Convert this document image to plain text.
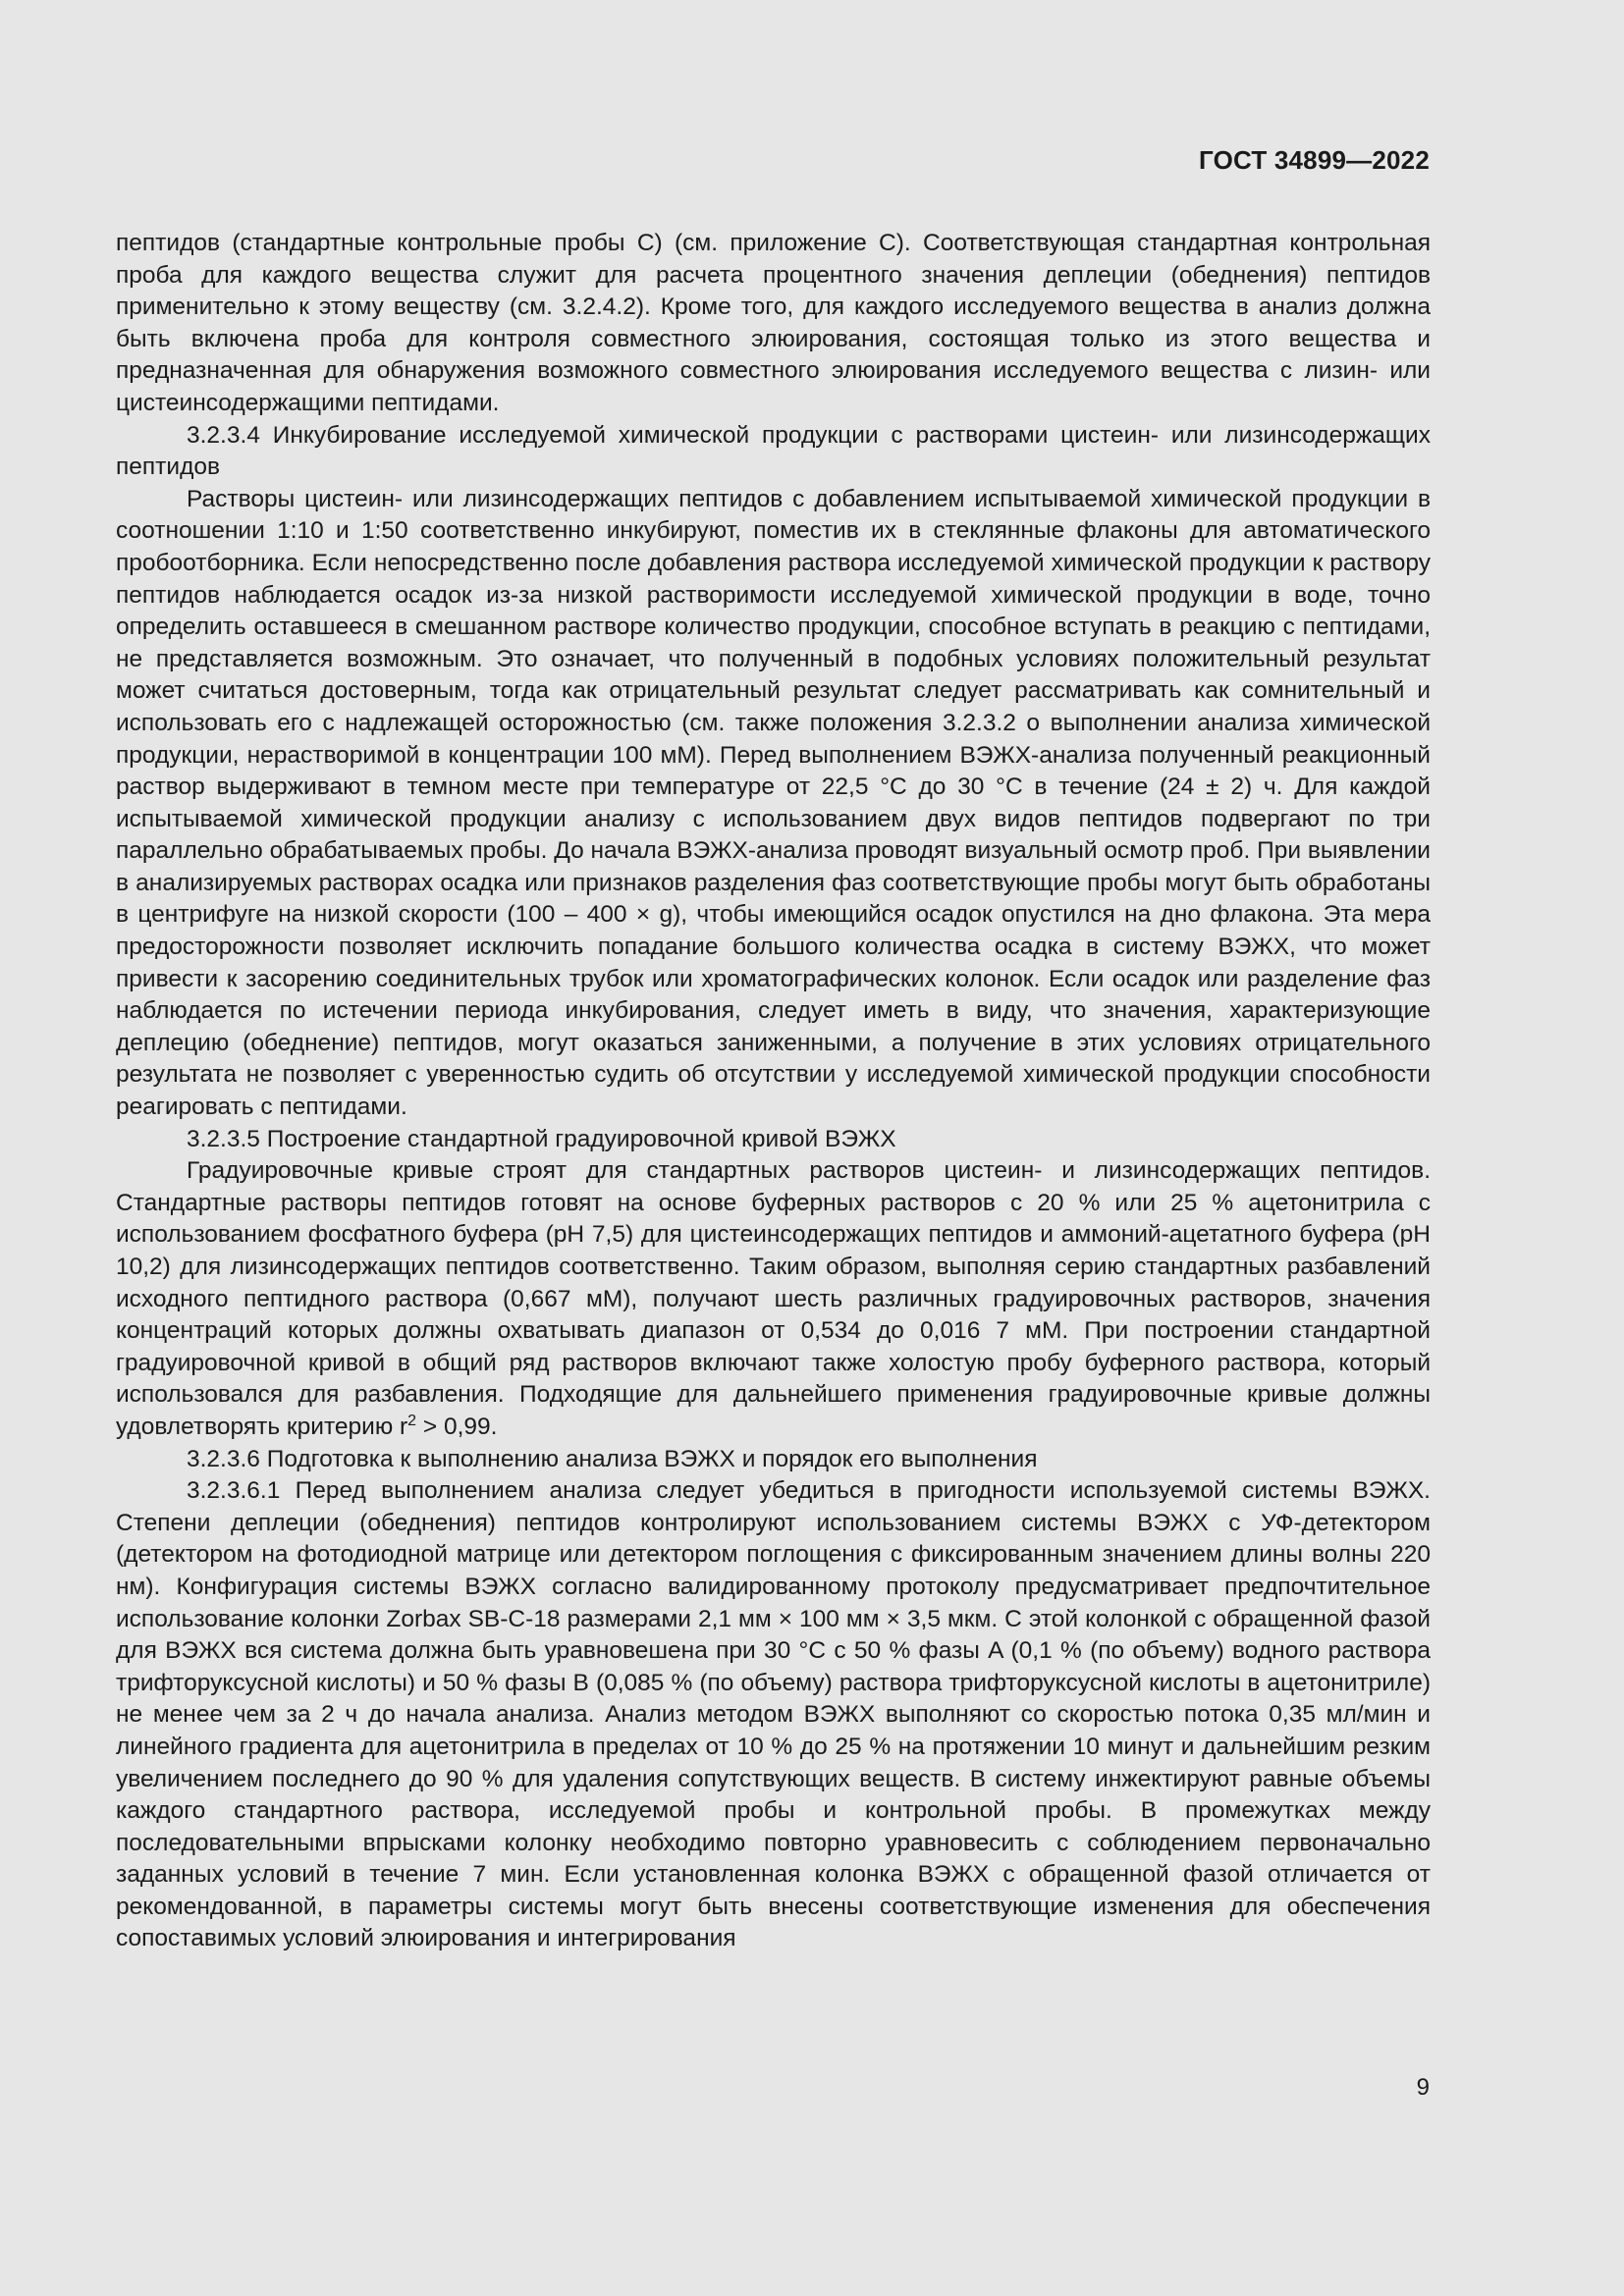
ГОСТ 34899—2022

пептидов (стандартные контрольные пробы C) (см. приложение C). Соответствующая стандартная контрольная проба для каждого вещества служит для расчета процентного значения деплеции (обеднения) пептидов применительно к этому веществу (см. 3.2.4.2). Кроме того, для каждого исследуемого вещества в анализ должна быть включена проба для контроля совместного элюирования, состоящая только из этого вещества и предназначенная для обнаружения возможного совместного элюирования исследуемого вещества с лизин- или цистеинсодержащими пептидами.

3.2.3.4 Инкубирование исследуемой химической продукции с растворами цистеин- или лизинсодержащих пептидов

Растворы цистеин- или лизинсодержащих пептидов с добавлением испытываемой химической продукции в соотношении 1:10 и 1:50 соответственно инкубируют, поместив их в стеклянные флаконы для автоматического пробоотборника. Если непосредственно после добавления раствора исследуемой химической продукции к раствору пептидов наблюдается осадок из-за низкой растворимости исследуемой химической продукции в воде, точно определить оставшееся в смешанном растворе количество продукции, способное вступать в реакцию с пептидами, не представляется возможным. Это означает, что полученный в подобных условиях положительный результат может считаться достоверным, тогда как отрицательный результат следует рассматривать как сомнительный и использовать его с надлежащей осторожностью (см. также положения 3.2.3.2 о выполнении анализа химической продукции, нерастворимой в концентрации 100 мМ). Перед выполнением ВЭЖХ-анализа полученный реакционный раствор выдерживают в темном месте при температуре от 22,5 °C до 30 °C в течение (24 ± 2) ч. Для каждой испытываемой химической продукции анализу с использованием двух видов пептидов подвергают по три параллельно обрабатываемых пробы. До начала ВЭЖХ-анализа проводят визуальный осмотр проб. При выявлении в анализируемых растворах осадка или признаков разделения фаз соответствующие пробы могут быть обработаны в центрифуге на низкой скорости (100 – 400 × g), чтобы имеющийся осадок опустился на дно флакона. Эта мера предосторожности позволяет исключить попадание большого количества осадка в систему ВЭЖХ, что может привести к засорению соединительных трубок или хроматографических колонок. Если осадок или разделение фаз наблюдается по истечении периода инкубирования, следует иметь в виду, что значения, характеризующие деплецию (обеднение) пептидов, могут оказаться заниженными, а получение в этих условиях отрицательного результата не позволяет с уверенностью судить об отсутствии у исследуемой химической продукции способности реагировать с пептидами.

3.2.3.5 Построение стандартной градуировочной кривой ВЭЖХ

Градуировочные кривые строят для стандартных растворов цистеин- и лизинсодержащих пептидов. Стандартные растворы пептидов готовят на основе буферных растворов с 20 % или 25 % ацетонитрила с использованием фосфатного буфера (pH 7,5) для цистеинсодержащих пептидов и аммоний-ацетатного буфера (pH 10,2) для лизинсодержащих пептидов соответственно. Таким образом, выполняя серию стандартных разбавлений исходного пептидного раствора (0,667 мМ), получают шесть различных градуировочных растворов, значения концентраций которых должны охватывать диапазон от 0,534 до 0,016 7 мМ. При построении стандартной градуировочной кривой в общий ряд растворов включают также холостую пробу буферного раствора, который использовался для разбавления. Подходящие для дальнейшего применения градуировочные кривые должны удовлетворять критерию $r^2 > 0,99$.

3.2.3.6 Подготовка к выполнению анализа ВЭЖХ и порядок его выполнения

3.2.3.6.1 Перед выполнением анализа следует убедиться в пригодности используемой системы ВЭЖХ. Степени деплеции (обеднения) пептидов контролируют использованием системы ВЭЖХ с УФ-детектором (детектором на фотодиодной матрице или детектором поглощения с фиксированным значением длины волны 220 нм). Конфигурация системы ВЭЖХ согласно валидированному протоколу предусматривает предпочтительное использование колонки Zorbax SB-C-18 размерами 2,1 мм × 100 мм × 3,5 мкм. С этой колонкой с обращенной фазой для ВЭЖХ вся система должна быть уравновешена при 30 °C с 50 % фазы A (0,1 % (по объему) водного раствора трифторуксусной кислоты) и 50 % фазы B (0,085 % (по объему) раствора трифторуксусной кислоты в ацетонитриле) не менее чем за 2 ч до начала анализа. Анализ методом ВЭЖХ выполняют со скоростью потока 0,35 мл/мин и линейного градиента для ацетонитрила в пределах от 10 % до 25 % на протяжении 10 минут и дальнейшим резким увеличением последнего до 90 % для удаления сопутствующих веществ. В систему инжектируют равные объемы каждого стандартного раствора, исследуемой пробы и контрольной пробы. В промежутках между последовательными впрысками колонку необходимо повторно уравновесить с соблюдением первоначально заданных условий в течение 7 мин. Если установленная колонка ВЭЖХ с обращенной фазой отличается от рекомендованной, в параметры системы могут быть внесены соответствующие изменения для обеспечения сопоставимых условий элюирования и интегрирования

9
